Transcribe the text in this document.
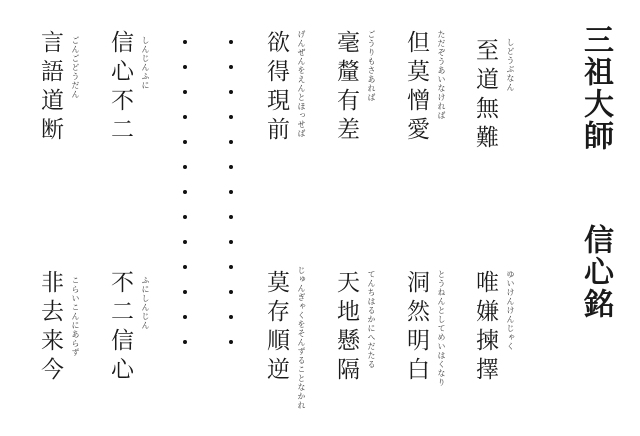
三祖大師
信心銘
至道無難 しどうぶなん
唯嫌揀擇 ゆいけんけんじゃく
但莫憎愛 ただぞうあいなければ
洞然明白 とうねんとしてめいはくなり
毫釐有差 ごうりもさあれば
天地懸隔 てんちはるかにへだたる
欲得現前 げんぜんをえんとほっせば
莫存順逆 じゅんぎゃくをそんずることなかれ
信心不二 しんじんふに
不二信心 ふにしんじん
言語道断 ごんごどうだん
非去来今 こらいこんにあらず
